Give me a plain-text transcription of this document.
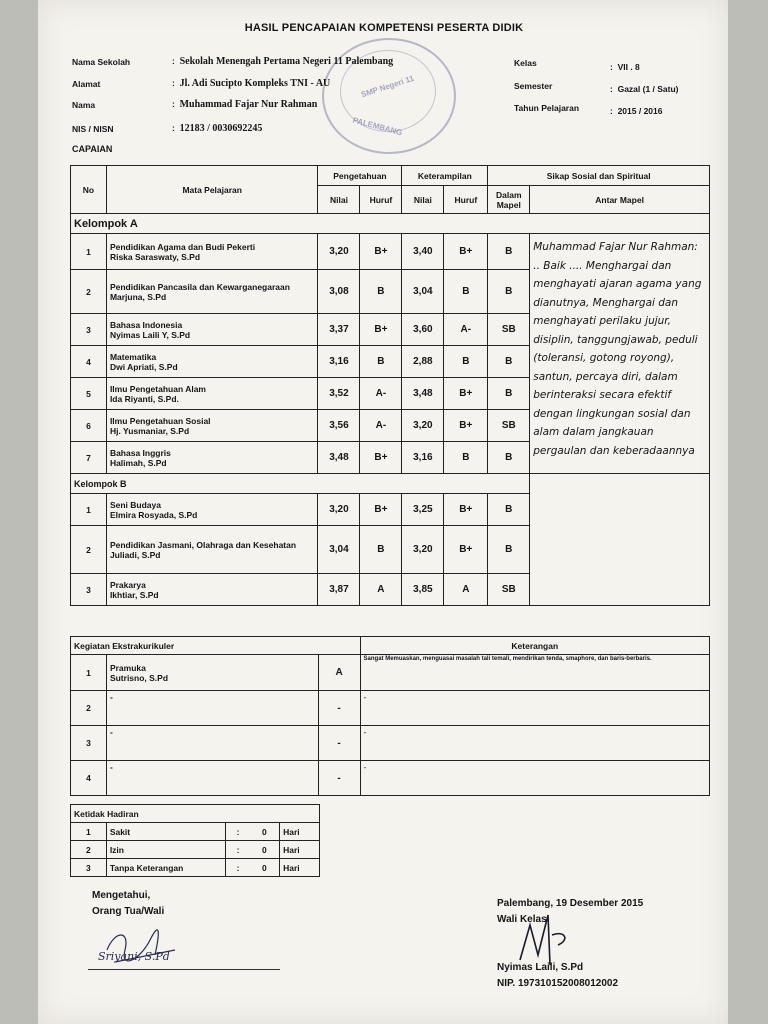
HASIL PENCAPAIAN KOMPETENSI PESERTA DIDIK
SMP Negeri 11
PALEMBANG
Nama Sekolah	: Sekolah Menengah Pertama Negeri 11 Palembang
Alamat	: Jl. Adi Sucipto Kompleks TNI - AU
Nama	: Muhammad Fajar Nur Rahman
NIS / NISN	: 12183 / 0030692245
Kelas	: VII . 8
Semester	: Gazal (1 / Satu)
Tahun Pelajaran	: 2015 / 2016
CAPAIAN
No	Mata Pelajaran	Pengetahuan		Keterampilan		Sikap Sosial dan Spiritual	
		Nilai	Huruf	Nilai	Huruf	Dalam Mapel	Antar Mapel
Kelompok A							
1	Pendidikan Agama dan Budi Pekerti
Riska Saraswaty, S.Pd	3,20	B+	3,40	B+	B	Muhammad Fajar Nur Rahman: .. Baik .... Menghargai dan menghayati ajaran agama yang dianutnya, Menghargai dan menghayati perilaku jujur, disiplin, tanggungjawab, peduli (toleransi, gotong royong), santun, percaya diri, dalam berinteraksi secara efektif dengan lingkungan sosial dan alam dalam jangkauan pergaulan dan keberadaannya
2	Pendidikan Pancasila dan Kewarganegaraan
Marjuna, S.Pd	3,08	B	3,04	B	B	
3	Bahasa Indonesia
Nyimas Laili Y, S.Pd	3,37	B+	3,60	A-	SB	
4	Matematika
Dwi Apriati, S.Pd	3,16	B	2,88	B	B	
5	Ilmu Pengetahuan Alam
Ida Riyanti, S.Pd.	3,52	A-	3,48	B+	B	
6	Ilmu Pengetahuan Sosial
Hj. Yusmaniar, S.Pd	3,56	A-	3,20	B+	SB	
7	Bahasa Inggris
Halimah, S.Pd	3,48	B+	3,16	B	B	
Kelompok B							
1	Seni Budaya
Elmira Rosyada, S.Pd	3,20	B+	3,25	B+	B	
2	Pendidikan Jasmani, Olahraga dan Kesehatan
Juliadi, S.Pd	3,04	B	3,20	B+	B	
3	Prakarya
Ikhtiar, S.Pd	3,87	A	3,85	A	SB	
Kegiatan Ekstrakurikuler			Keterangan
1	Pramuka
Sutrisno, S.Pd	A	Sangat Memuaskan, menguasai masalah tali temali, mendirikan tenda, smaphore, dan baris-berbaris.
2	-	-	-
3	-	-	-
4	-	-	-
Ketidak Hadiran				
1	Sakit	:	0	Hari
2	Izin	:	0	Hari
3	Tanpa Keterangan	:	0	Hari
Mengetahui,
Orang Tua/Wali
Sriyani, S.Pd
Palembang, 19 Desember 2015
Wali Kelas
Nyimas Laili, S.Pd
NIP. 197310152008012002
